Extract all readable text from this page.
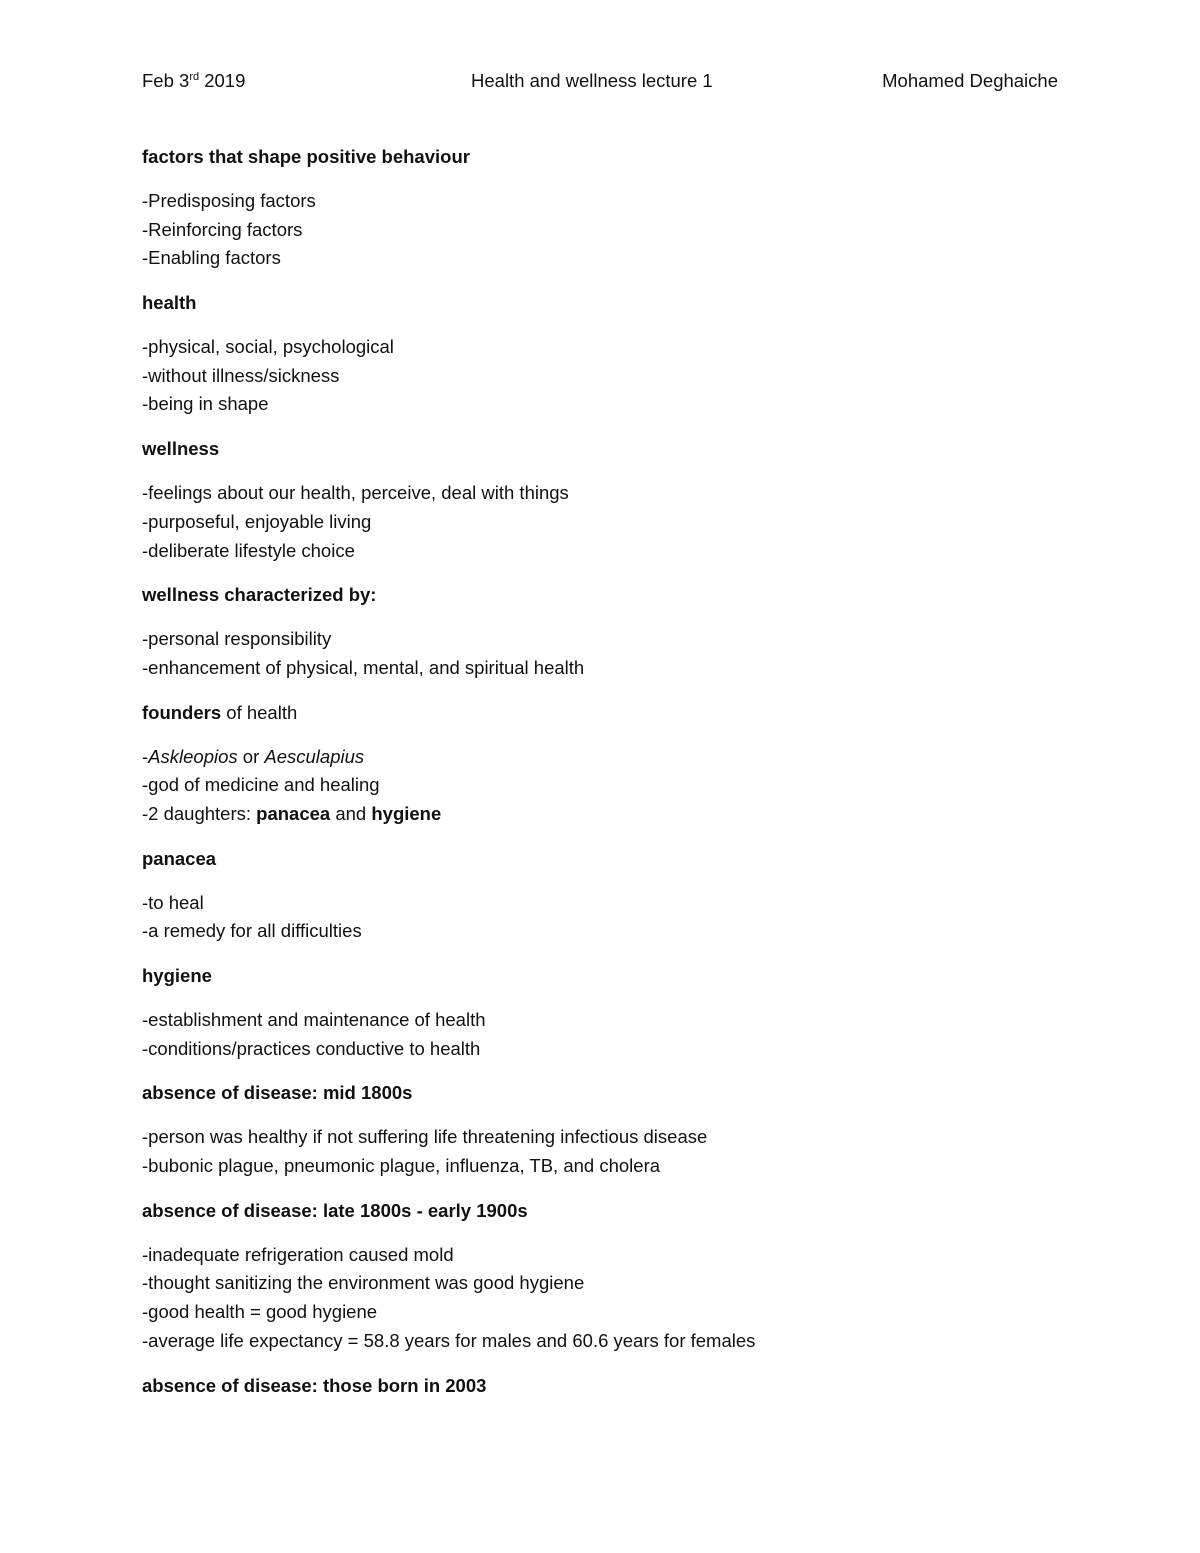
Feb 3rd 2019	Health and wellness lecture 1	Mohamed Deghaiche
factors that shape positive behaviour
-Predisposing factors
-Reinforcing factors
-Enabling factors
health
-physical, social, psychological
-without illness/sickness
-being in shape
wellness
-feelings about our health, perceive, deal with things
-purposeful, enjoyable living
-deliberate lifestyle choice
wellness characterized by:
-personal responsibility
-enhancement of physical, mental, and spiritual health
founders of health
-Askleopios or Aesculapius
-god of medicine and healing
-2 daughters: panacea and hygiene
panacea
-to heal
-a remedy for all difficulties
hygiene
-establishment and maintenance of health
-conditions/practices conductive to health
absence of disease: mid 1800s
-person was healthy if not suffering life threatening infectious disease
-bubonic plague, pneumonic plague, influenza, TB, and cholera
absence of disease: late 1800s - early 1900s
-inadequate refrigeration caused mold
-thought sanitizing the environment was good hygiene
-good health = good hygiene
-average life expectancy = 58.8 years for males and 60.6 years for females
absence of disease: those born in 2003
